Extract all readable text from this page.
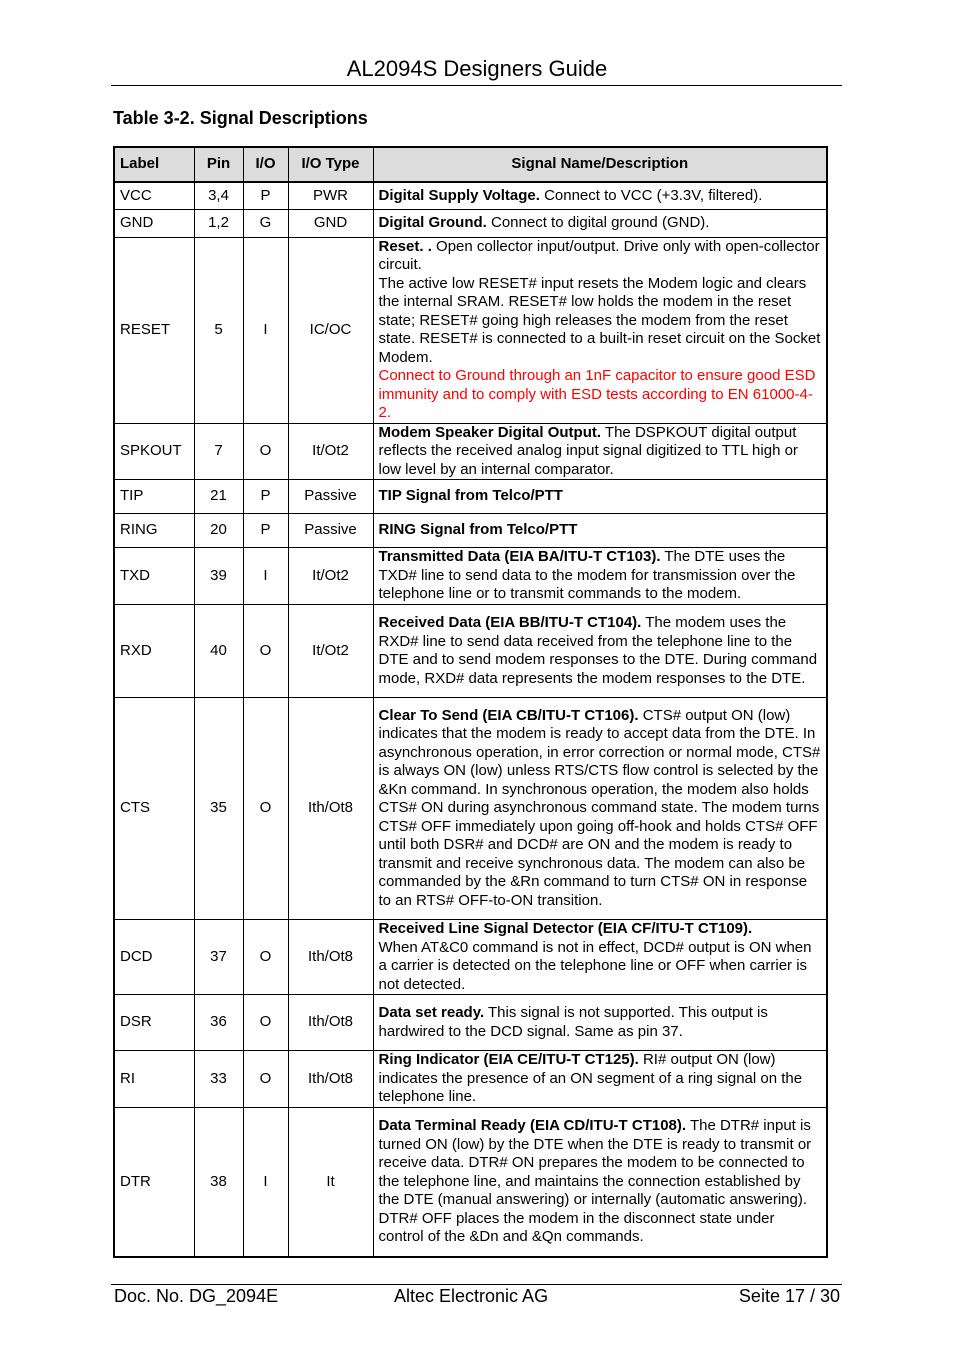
AL2094S Designers Guide
Table 3-2. Signal Descriptions
Label	Pin	I/O	I/O Type	Signal Name/Description
VCC	3,4	P	PWR	Digital Supply Voltage. Connect to VCC (+3.3V, filtered).
GND	1,2	G	GND	Digital Ground. Connect to digital ground (GND).
RESET	5	I	IC/OC	Reset. . Open collector input/output. Drive only with open-collector circuit.
The active low RESET# input resets the Modem logic and clears the internal SRAM. RESET# low holds the modem in the reset state; RESET# going high releases the modem from the reset state. RESET# is connected to a built-in reset circuit on the Socket Modem.
Connect to Ground through an 1nF capacitor to ensure good ESD immunity and to comply with ESD tests according to EN 61000-4-2.
SPKOUT	7	O	It/Ot2	Modem Speaker Digital Output. The DSPKOUT digital output reflects the received analog input signal digitized to TTL high or low level by an internal comparator.
TIP	21	P	Passive	TIP Signal from Telco/PTT
RING	20	P	Passive	RING Signal from Telco/PTT
TXD	39	I	It/Ot2	Transmitted Data (EIA BA/ITU-T CT103). The DTE uses the TXD# line to send data to the modem for transmission over the telephone line or to transmit commands to the modem.
RXD	40	O	It/Ot2	Received Data (EIA BB/ITU-T CT104). The modem uses the RXD# line to send data received from the telephone line to the DTE and to send modem responses to the DTE. During command mode, RXD# data represents the modem responses to the DTE.
CTS	35	O	Ith/Ot8	Clear To Send (EIA CB/ITU-T CT106). CTS# output ON (low) indicates that the modem is ready to accept data from the DTE. In asynchronous operation, in error correction or normal mode, CTS# is always ON (low) unless RTS/CTS flow control is selected by the &Kn command. In synchronous operation, the modem also holds CTS# ON during asynchronous command state. The modem turns CTS# OFF immediately upon going off-hook and holds CTS# OFF until both DSR# and DCD# are ON and the modem is ready to transmit and receive synchronous data. The modem can also be commanded by the &Rn command to turn CTS# ON in response to an RTS# OFF-to-ON transition.
DCD	37	O	Ith/Ot8	Received Line Signal Detector (EIA CF/ITU-T CT109).
When AT&C0 command is not in effect, DCD# output is ON when a carrier is detected on the telephone line or OFF when carrier is not detected.
DSR	36	O	Ith/Ot8	Data set ready. This signal is not supported. This output is hardwired to the DCD signal. Same as pin 37.
RI	33	O	Ith/Ot8	Ring Indicator (EIA CE/ITU-T CT125). RI# output ON (low) indicates the presence of an ON segment of a ring signal on the telephone line.
DTR	38	I	It	Data Terminal Ready (EIA CD/ITU-T CT108). The DTR# input is turned ON (low) by the DTE when the DTE is ready to transmit or receive data. DTR# ON prepares the modem to be connected to the telephone line, and maintains the connection established by the DTE (manual answering) or internally (automatic answering). DTR# OFF places the modem in the disconnect state under control of the &Dn and &Qn commands.
Doc. No. DG_2094E	Altec Electronic AG	Seite 17 / 30
